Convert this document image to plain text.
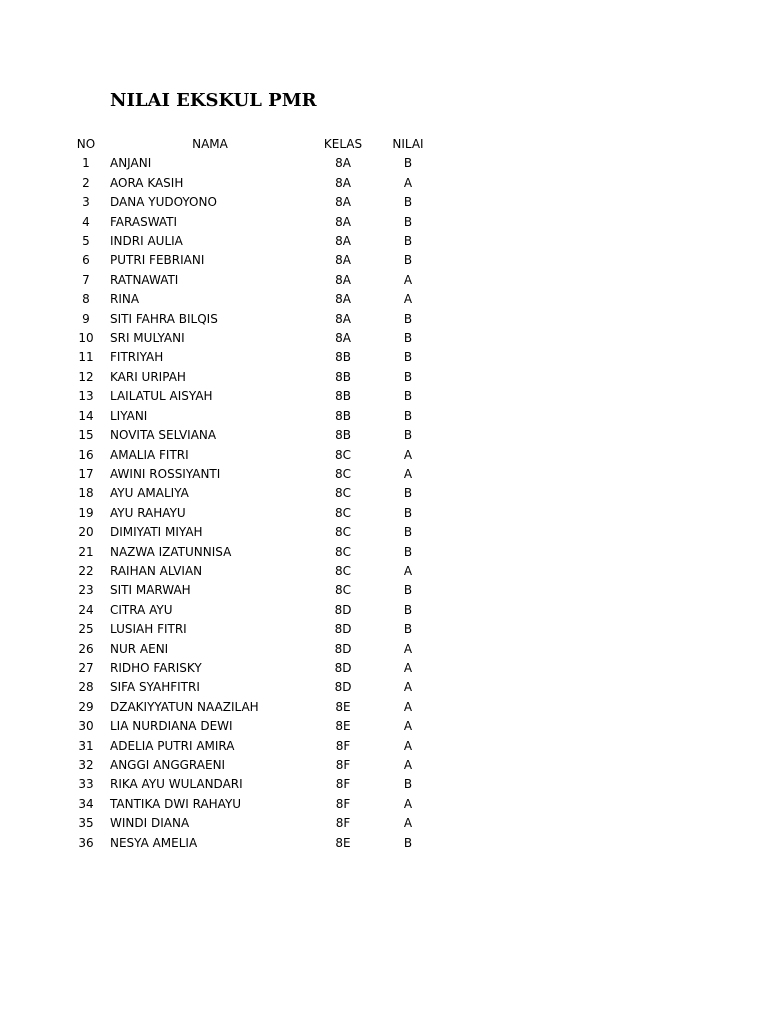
NILAI EKSKUL PMR
NO	NAMA	KELAS	NILAI
1	ANJANI	8A	B
2	AORA KASIH	8A	A
3	DANA YUDOYONO	8A	B
4	FARASWATI	8A	B
5	INDRI AULIA	8A	B
6	PUTRI FEBRIANI	8A	B
7	RATNAWATI	8A	A
8	RINA	8A	A
9	SITI FAHRA BILQIS	8A	B
10	SRI MULYANI	8A	B
11	FITRIYAH	8B	B
12	KARI URIPAH	8B	B
13	LAILATUL AISYAH	8B	B
14	LIYANI	8B	B
15	NOVITA SELVIANA	8B	B
16	AMALIA FITRI	8C	A
17	AWINI ROSSIYANTI	8C	A
18	AYU AMALIYA	8C	B
19	AYU RAHAYU	8C	B
20	DIMIYATI MIYAH	8C	B
21	NAZWA IZATUNNISA	8C	B
22	RAIHAN ALVIAN	8C	A
23	SITI MARWAH	8C	B
24	CITRA AYU	8D	B
25	LUSIAH FITRI	8D	B
26	NUR AENI	8D	A
27	RIDHO FARISKY	8D	A
28	SIFA SYAHFITRI	8D	A
29	DZAKIYYATUN NAAZILAH	8E	A
30	LIA NURDIANA DEWI	8E	A
31	ADELIA PUTRI AMIRA	8F	A
32	ANGGI ANGGRAENI	8F	A
33	RIKA AYU WULANDARI	8F	B
34	TANTIKA DWI RAHAYU	8F	A
35	WINDI DIANA	8F	A
36	NESYA AMELIA	8E	B
